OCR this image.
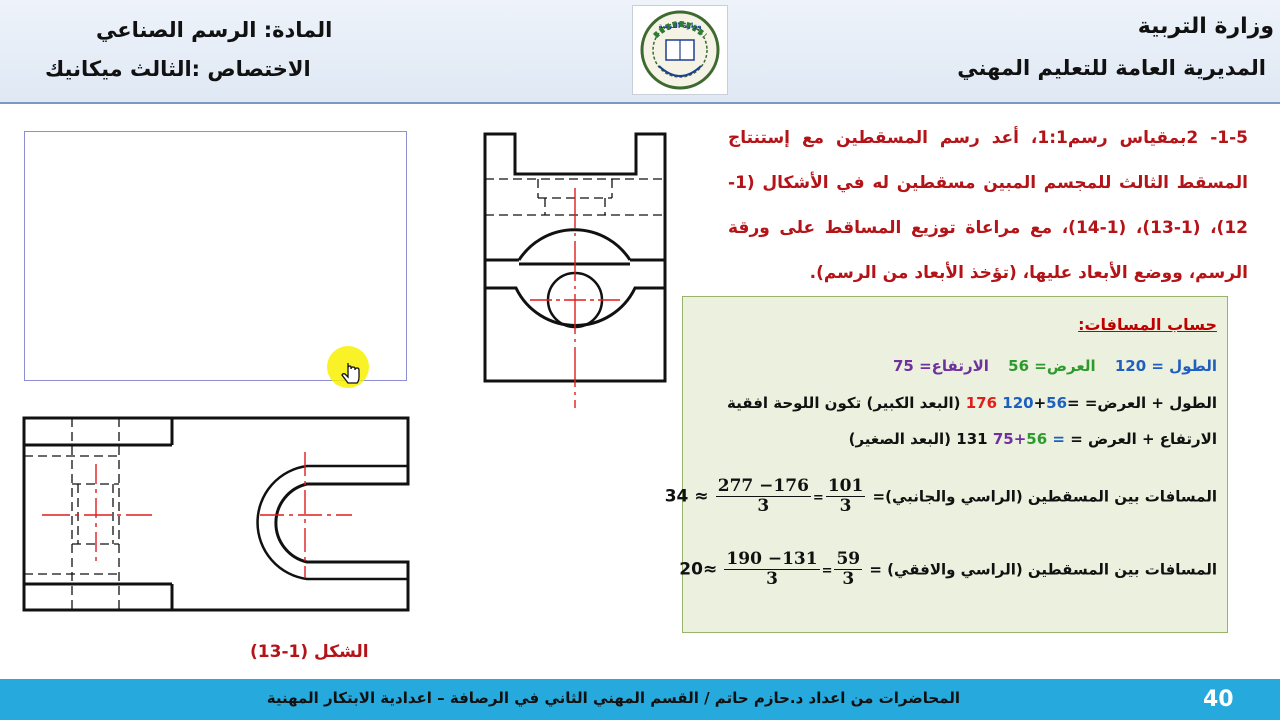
وزارة التربية
المديرية العامة للتعليم المهني
المادة: الرسم الصناعي
الاختصاص :الثالث ميكانيك
وزارة التربية
1-5- 2بمقياس رسم1:1، أعد رسم المسقطين مع إستنتاج المسقط الثالث للمجسم المبين مسقطين له في الأشكال (1-12)، (1-13)، (1-14)، مع مراعاة توزيع المساقط على ورقة الرسم، ووضع الأبعاد عليها، (تؤخذ الأبعاد من الرسم).
حساب المسافات:
الطول = 120 العرض= 56 الارتفاع= 75
الطول + العرض= 120+56= 176 (البعد الكبير) تكون اللوحة افقية
الارتفاع + العرض = 75+56 = 131 (البعد الصغير)
المسافات بين المسقطين (الراسي والجانبي)=
$\frac{277 -176}{3} = \frac{101}{3}$
≈ 34
المسافات بين المسقطين (الراسي والافقي) =
$\frac{190 -131}{3} = \frac{59}{3}$
≈20
الشكل (1-13)
المحاضرات من اعداد د.حازم حاتم / القسم المهني الثاني في الرصافة – اعدادية الابتكار المهنية	40
